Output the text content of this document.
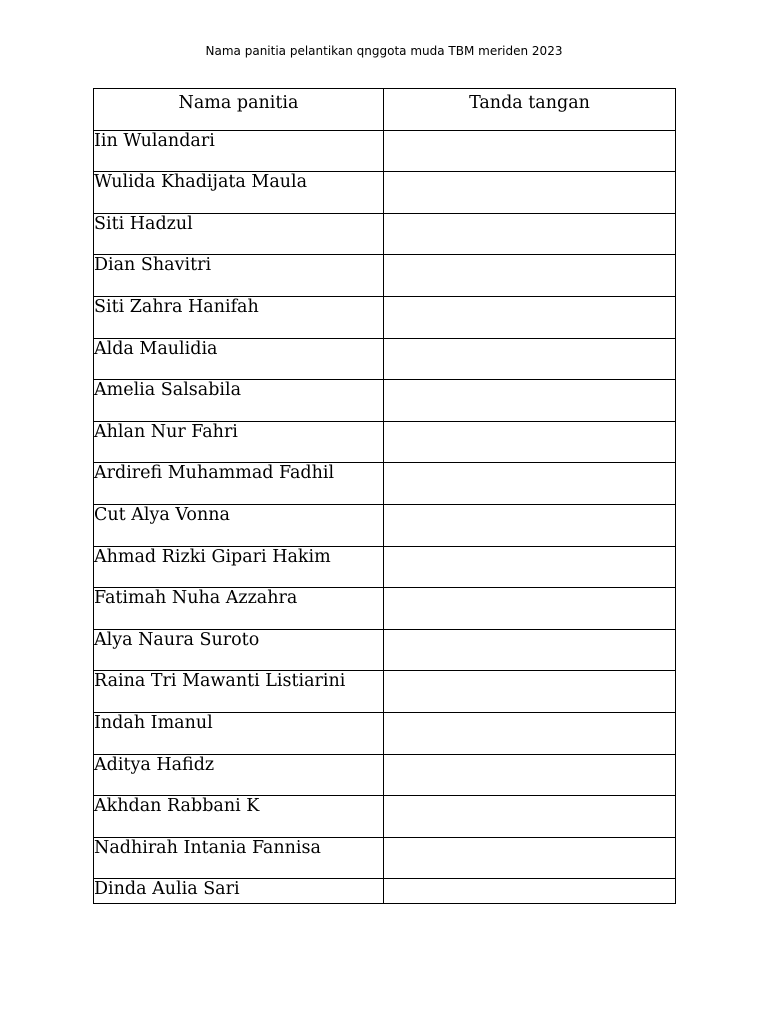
Nama panitia pelantikan qnggota muda TBM meriden 2023
Nama panitia	Tanda tangan
Iin Wulandari	
Wulida Khadijata Maula	
Siti Hadzul	
Dian Shavitri	
Siti Zahra Hanifah	
Alda Maulidia	
Amelia Salsabila	
Ahlan Nur Fahri	
Ardirefi Muhammad Fadhil	
Cut Alya Vonna	
Ahmad Rizki Gipari Hakim	
Fatimah Nuha Azzahra	
Alya Naura Suroto	
Raina Tri Mawanti Listiarini	
Indah Imanul	
Aditya Hafidz	
Akhdan Rabbani K	
Nadhirah Intania Fannisa	
Dinda Aulia Sari	
